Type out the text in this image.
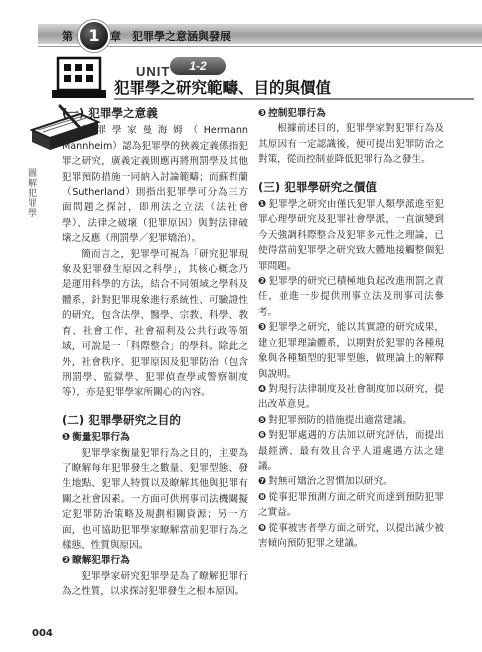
第 1 章 犯罪學之意涵與發展
UNIT	1-2
犯罪學之研究範疇、目的與價值
圖解犯罪學

(一) 犯罪學之意義

犯罪學家曼海姆（Hermann Mannheim）認為犯罪學的狹義定義係指犯罪之研究，廣義定義則應再將刑罰學及其他犯罪預防措施一同納入討論範疇；而蘇哲蘭（Sutherland）則指出犯罪學可分為三方面問題之探討，即刑法之立法（法社會學）、法律之破壞（犯罪原因）與對法律破壞之反應（刑罰學／犯罪矯治）。

簡而言之，犯罪學可視為「研究犯罪現象及犯罪發生原因之科學」，其核心概念乃是運用科學的方法，結合不同領域之學科及體系，針對犯罪現象進行系統性、可驗證性的研究，包含法學、醫學、宗教、科學、教育、社會工作、社會福利及公共行政等領域，可說是一「科際整合」的學科。除此之外，社會秩序、犯罪原因及犯罪防治（包含刑罰學、監獄學、犯罪偵查學或警察制度等），亦是犯罪學家所關心的內容。

(二) 犯罪學研究之目的

❶ 衡量犯罪行為

犯罪學家衡量犯罪行為之目的，主要為了瞭解每年犯罪發生之數量、犯罪型態、發生地點、犯罪人特質以及瞭解其他與犯罪有關之社會因素。一方面可供刑事司法機關擬定犯罪防治策略及規劃相關資源；另一方面，也可協助犯罪學家瞭解當前犯罪行為之樣態、性質與原因。

❷ 瞭解犯罪行為

犯罪學家研究犯罪學是為了瞭解犯罪行為之性質，以求探討犯罪發生之根本原因。

❸ 控制犯罪行為

根據前述目的，犯罪學家對犯罪行為及其原因有一定認識後，便可提出犯罪防治之對策，從而控制並降低犯罪行為之發生。

(三) 犯罪學研究之價值

❶ 犯罪學之研究由僅氏犯罪人類學派進至犯罪心理學研究及犯罪社會學派，一直演變到今天強調科際整合及犯罪多元性之理論，已使得當前犯罪學之研究致大體地接觸整個犯罪問題。

❷ 犯罪學的研究已積極地負起改進刑罰之責任，並進一步提供刑事立法及刑事司法參考。

❸ 犯罪學之研究，能以其實證的研究成果，建立犯罪理論體系，以期對於犯罪的各種現象與各種類型的犯罪型態，做理論上的解釋與說明。

❹ 對現行法律制度及社會制度加以研究，提出改革意見。

❺ 對犯罪預防的措施提出適當建議。

❻ 對犯罪處遇的方法加以研究評估，而提出最經濟、最有效且合乎人道處遇方法之建議。

❼ 對無可矯治之習慣加以研究。

❽ 從事犯罪預測方面之研究而達到預防犯罪之實益。

❾ 從事被害者學方面之研究，以提出減少被害傾向預防犯罪之建議。

004
